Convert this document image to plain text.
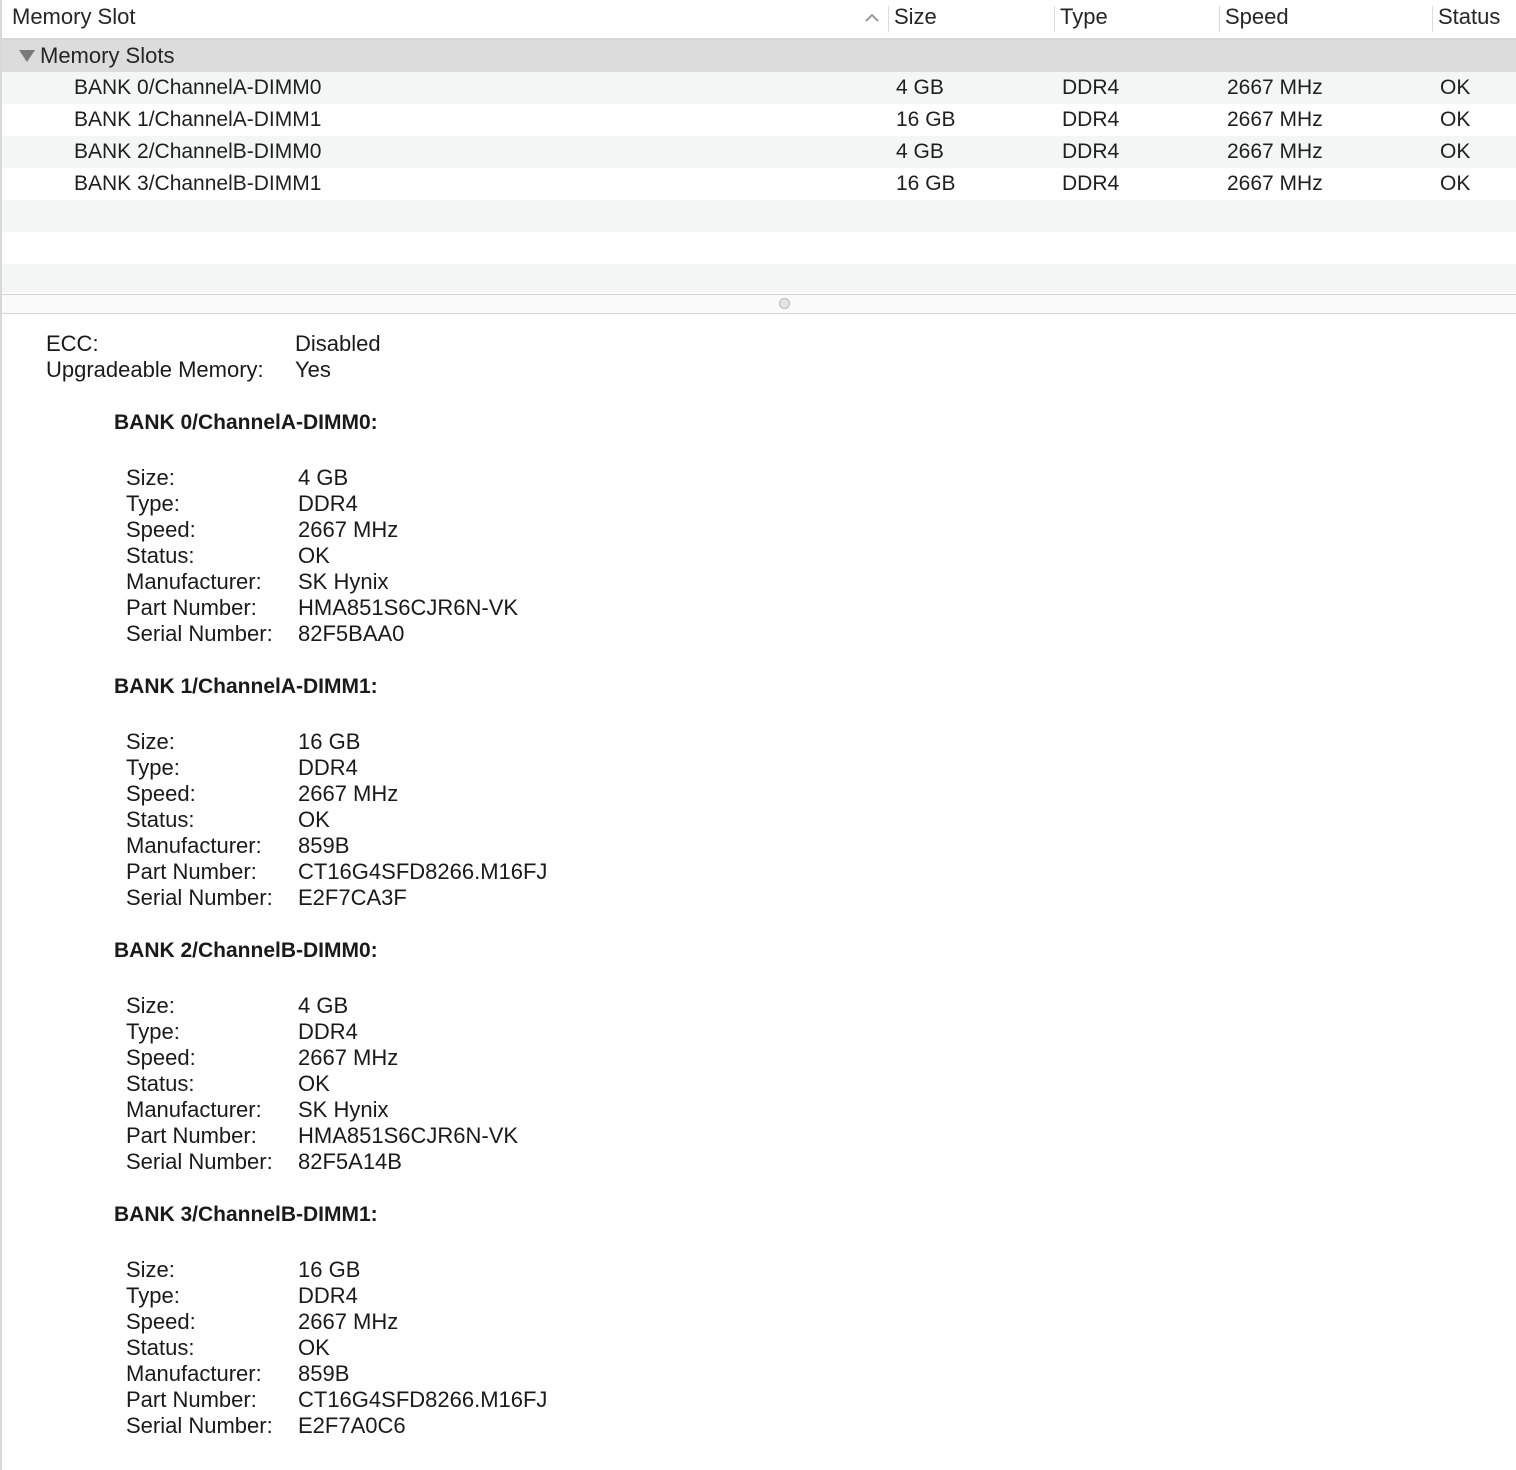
Memory Slot	Size	Type	Speed	Status
Memory Slots
BANK 0/ChannelA-DIMM0	4 GB	DDR4	2667 MHz	OK
BANK 1/ChannelA-DIMM1	16 GB	DDR4	2667 MHz	OK
BANK 2/ChannelB-DIMM0	4 GB	DDR4	2667 MHz	OK
BANK 3/ChannelB-DIMM1	16 GB	DDR4	2667 MHz	OK
ECC:	Disabled
Upgradeable Memory: Yes
BANK 0/ChannelA-DIMM0:
Size:	4 GB
Type:	DDR4
Speed:	2667 MHz
Status:	OK
Manufacturer: SK Hynix
Part Number: HMA851S6CJR6N-VK
Serial Number: 82F5BAA0
BANK 1/ChannelA-DIMM1:
Size:	16 GB
Type:	DDR4
Speed:	2667 MHz
Status:	OK
Manufacturer: 859B
Part Number: CT16G4SFD8266.M16FJ
Serial Number: E2F7CA3F
BANK 2/ChannelB-DIMM0:
Size:	4 GB
Type:	DDR4
Speed:	2667 MHz
Status:	OK
Manufacturer: SK Hynix
Part Number: HMA851S6CJR6N-VK
Serial Number: 82F5A14B
BANK 3/ChannelB-DIMM1:
Size:	16 GB
Type:	DDR4
Speed:	2667 MHz
Status:	OK
Manufacturer: 859B
Part Number: CT16G4SFD8266.M16FJ
Serial Number: E2F7A0C6
